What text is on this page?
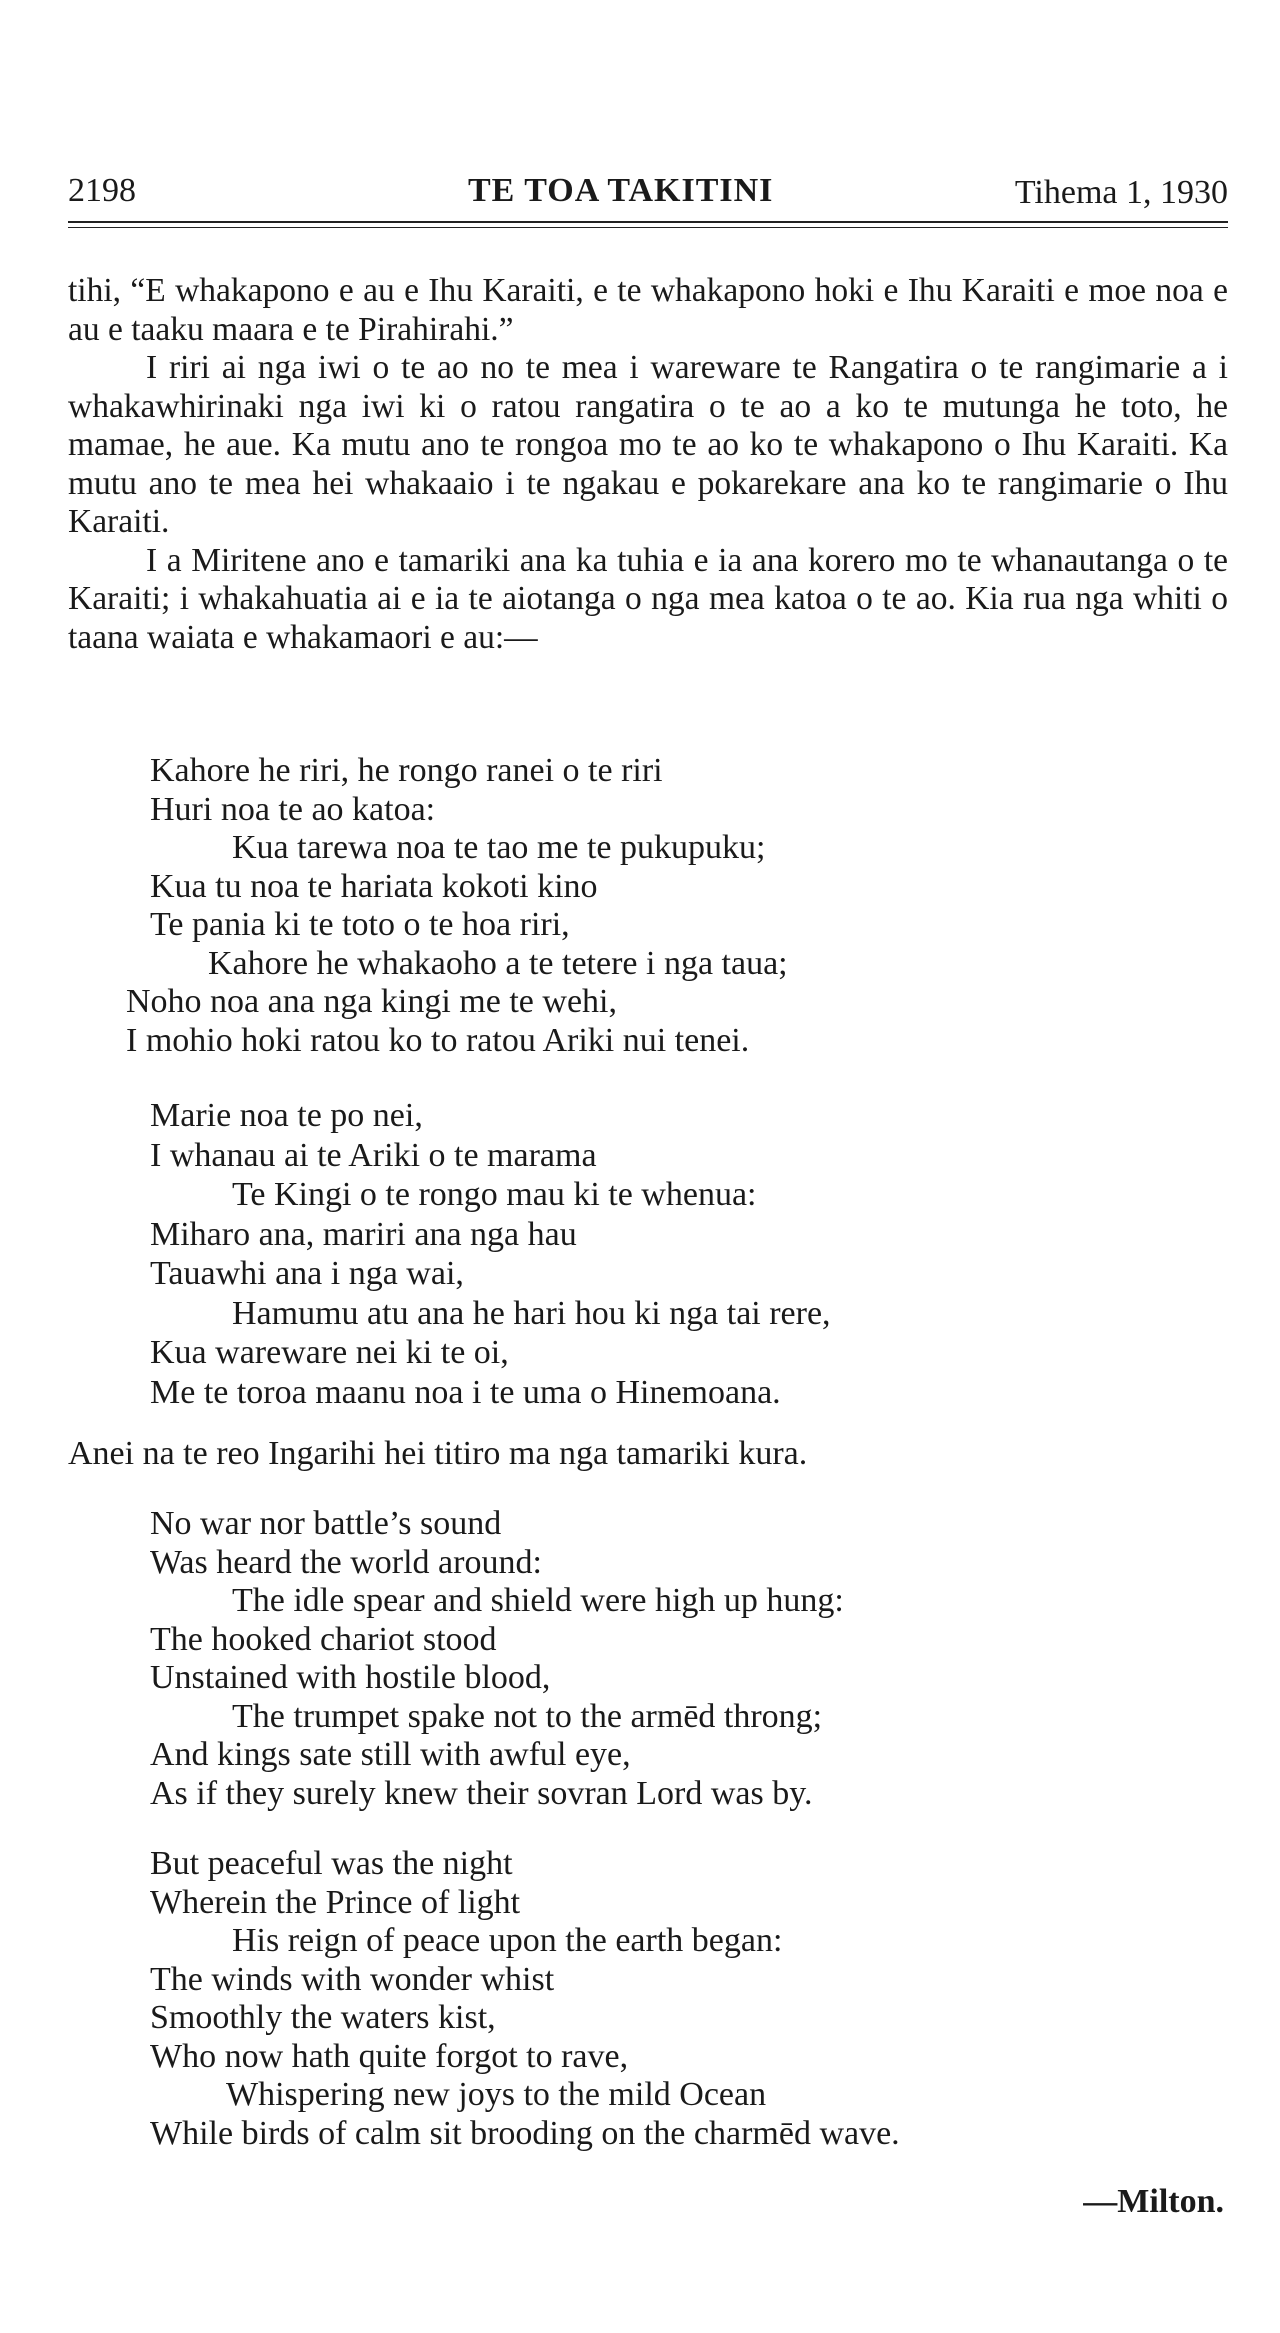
2198	TE TOA TAKITINI	Tihema 1, 1930

tihi, “E whakapono e au e Ihu Karaiti, e te whakapono hoki e Ihu Karaiti e moe noa e au e taaku maara e te Pirahirahi.”

I riri ai nga iwi o te ao no te mea i wareware te Rangatira o te rangimarie a i whakawhirinaki nga iwi ki o ratou rangatira o te ao a ko te mutunga he toto, he mamae, he aue. Ka mutu ano te rongoa mo te ao ko te whakapono o Ihu Karaiti. Ka mutu ano te mea hei whakaaio i te ngakau e pokarekare ana ko te rangimarie o Ihu Karaiti.

I a Miritene ano e tamariki ana ka tuhia e ia ana korero mo te whanautanga o te Karaiti; i whakahuatia ai e ia te aiotanga o nga mea katoa o te ao. Kia rua nga whiti o taana waiata e whakamaori e au:—

Kahore he riri, he rongo ranei o te riri
Huri noa te ao katoa:
Kua tarewa noa te tao me te pukupuku;
Kua tu noa te hariata kokoti kino
Te pania ki te toto o te hoa riri,
Kahore he whakaoho a te tetere i nga taua;
Noho noa ana nga kingi me te wehi,
I mohio hoki ratou ko to ratou Ariki nui tenei.
Marie noa te po nei,
I whanau ai te Ariki o te marama
Te Kingi o te rongo mau ki te whenua:
Miharo ana, mariri ana nga hau
Tauawhi ana i nga wai,
Hamumu atu ana he hari hou ki nga tai rere,
Kua wareware nei ki te oi,
Me te toroa maanu noa i te uma o Hinemoana.
Anei na te reo Ingarihi hei titiro ma nga tamariki kura.
No war nor battle’s sound
Was heard the world around:
The idle spear and shield were high up hung:
The hooked chariot stood
Unstained with hostile blood,
The trumpet spake not to the armēd throng;
And kings sate still with awful eye,
As if they surely knew their sovran Lord was by.
But peaceful was the night
Wherein the Prince of light
His reign of peace upon the earth began:
The winds with wonder whist
Smoothly the waters kist,
Who now hath quite forgot to rave,
Whispering new joys to the mild Ocean
While birds of calm sit brooding on the charmēd wave.
—Milton.
